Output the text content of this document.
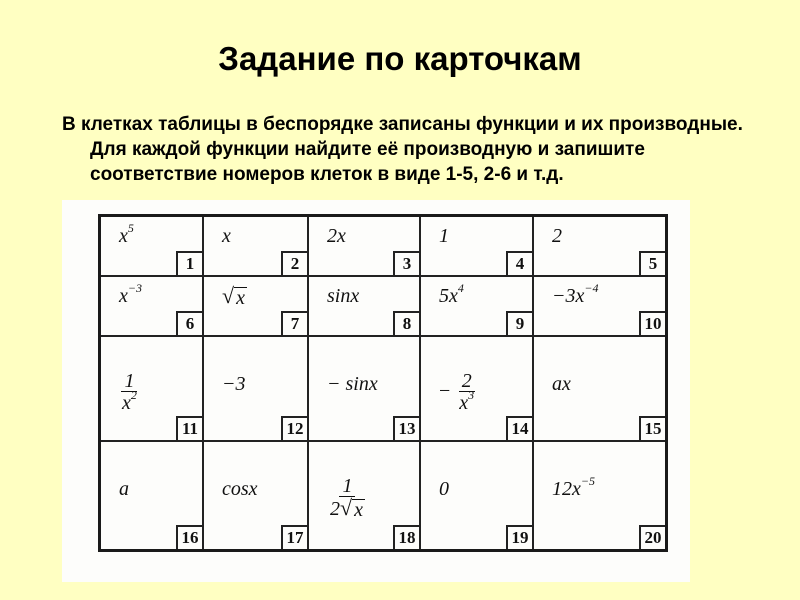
Задание по карточкам
В клетках таблицы в беспорядке записаны функции и их производные. Для каждой функции найдите её производную и запишите соответствие номеров клеток в виде 1-5, 2-6 и т.д.
$x^5$
1
x
2
2x
3
1
4
2
5
$x^{-3}$
6
√ x
7
sinx
8
$5x^4$
9
$-3x^{-4}$
10
$\frac{1}{x^2}$
11
−3
12
− sinx
13
− $\frac{2}{x^3}$
14
ax
15
a
16
cosx
17
$\frac{1}{2 √ x}$
18
0
19
$12x^{-5}$
20
